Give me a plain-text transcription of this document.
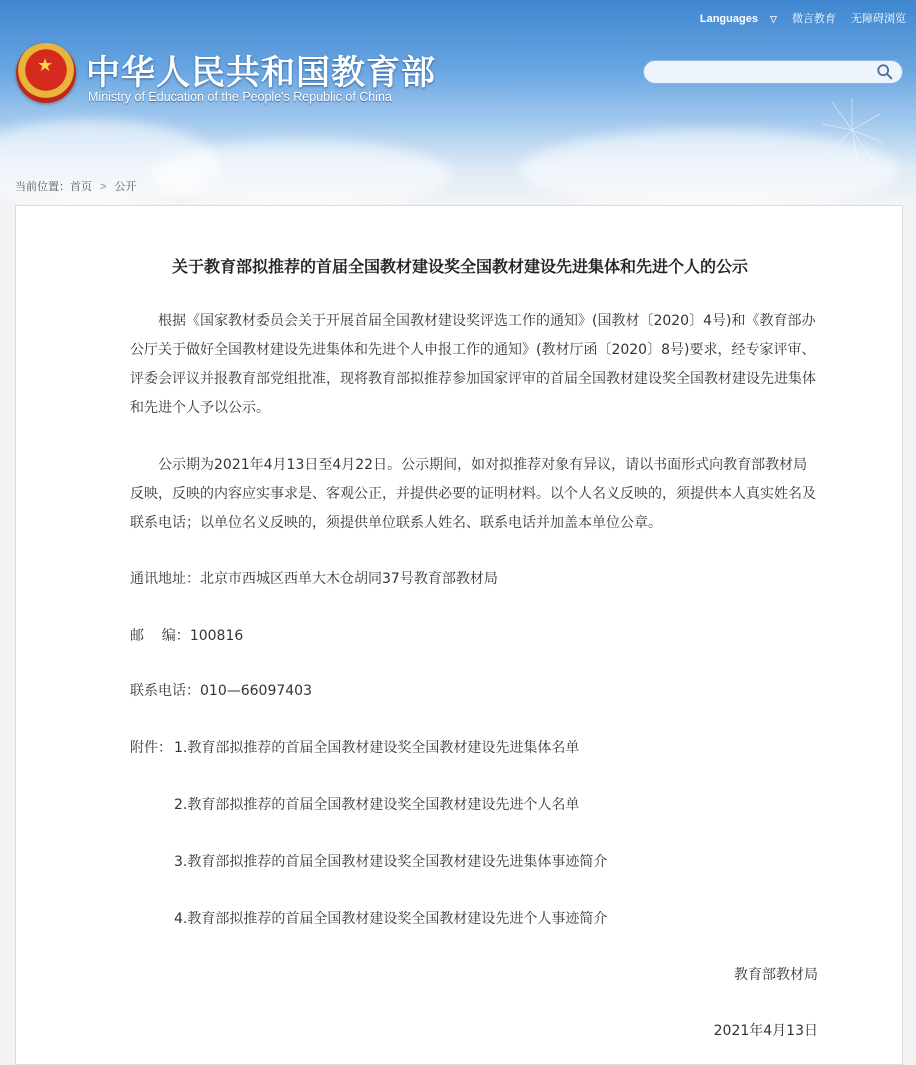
★ 中华人民共和国教育部
Ministry of Education of the People's Republic of China
Languages ▽ 微言教育 无障碍浏览
当前位置：首页 > 公开
关于教育部拟推荐的首届全国教材建设奖全国教材建设先进集体和先进个人的公示

根据《国家教材委员会关于开展首届全国教材建设奖评选工作的通知》(国教材〔2020〕4号)和《教育部办公厅关于做好全国教材建设先进集体和先进个人申报工作的通知》(教材厅函〔2020〕8号)要求，经专家评审、评委会评议并报教育部党组批准，现将教育部拟推荐参加国家评审的首届全国教材建设奖全国教材建设先进集体和先进个人予以公示。

公示期为2021年4月13日至4月22日。公示期间，如对拟推荐对象有异议，请以书面形式向教育部教材局反映，反映的内容应实事求是、客观公正，并提供必要的证明材料。以个人名义反映的，须提供本人真实姓名及联系电话；以单位名义反映的，须提供单位联系人姓名、联系电话并加盖本单位公章。

通讯地址：北京市西城区西单大木仓胡同37号教育部教材局

邮    编：100816

联系电话：010—66097403

附件： 1.教育部拟推荐的首届全国教材建设奖全国教材建设先进集体名单
2.教育部拟推荐的首届全国教材建设奖全国教材建设先进个人名单
3.教育部拟推荐的首届全国教材建设奖全国教材建设先进集体事迹简介
4.教育部拟推荐的首届全国教材建设奖全国教材建设先进个人事迹简介
教育部教材局
2021年4月13日
